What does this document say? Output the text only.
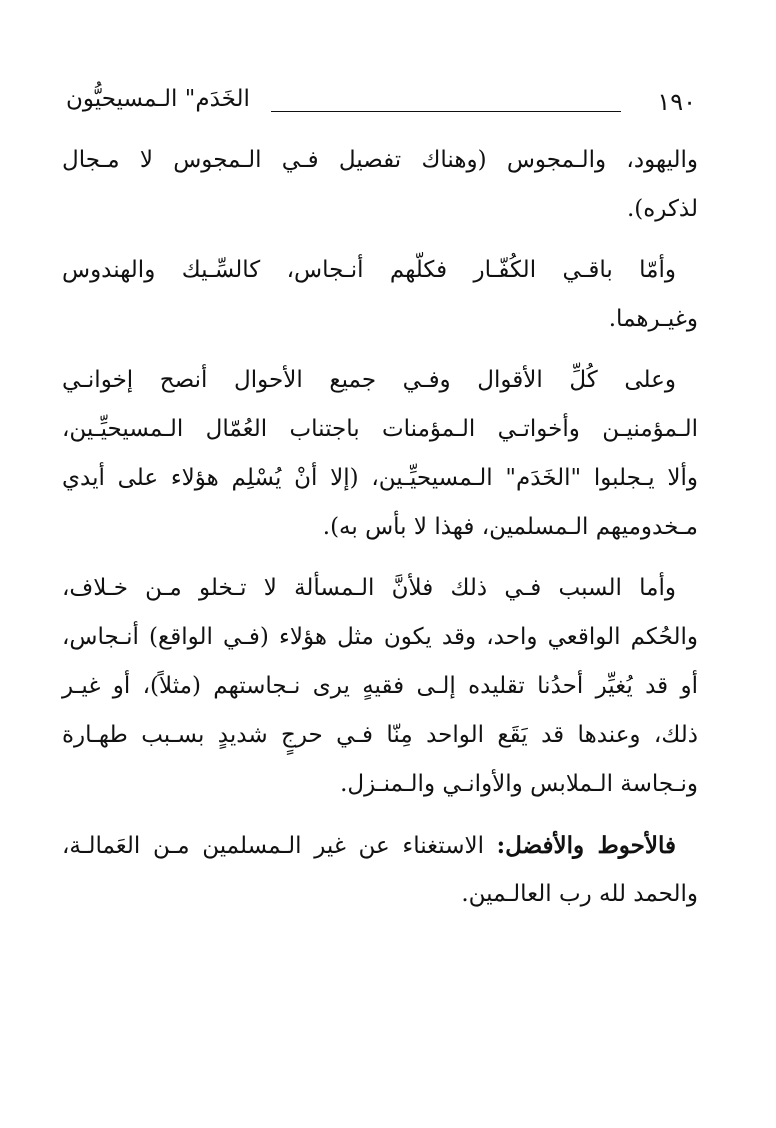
١٩٠
الخَدَم" الـمسيحيُّون
واليهود، والـمجوس (وهناك تفصيل فـي الـمجوس لا مـجال
لذكره).
وأمّا باقـي الكُفّـار فكلّهم أنـجاس، كالسِّـيك والهندوس
وغيـرهما.
وعلى كُلِّ الأقوال وفـي جميع الأحوال أنصح إخوانـي
الـمؤمنيـن وأخواتـي الـمؤمنات باجتناب العُمّال الـمسيحيِّـين،
وألا يـجلبوا "الخَدَم" الـمسيحيِّـين، (إلا أنْ يُسْلِم هؤلاء على أيدي
مـخدوميهم الـمسلمين، فهذا لا بأس به).
وأما السبب فـي ذلك فلأنَّ الـمسألة لا تـخلو مـن خـلاف،
والحُكم الواقعي واحد، وقد يكون مثل هؤلاء (فـي الواقع) أنـجاس،
أو قد يُغيِّر أحدُنا تقليده إلـى فقيهٍ يرى نـجاستهم (مثلاً)، أو غيـر
ذلك، وعندها قد يَقَع الواحد مِنّا فـي حرجٍ شديدٍ بسـبب طهـارة
ونـجاسة الـملابس والأوانـي والـمنـزل.
فالأحوط والأفضل: الاستغناء عن غير الـمسلمين مـن العَمالـة،
والحمد لله رب العالـمين.
